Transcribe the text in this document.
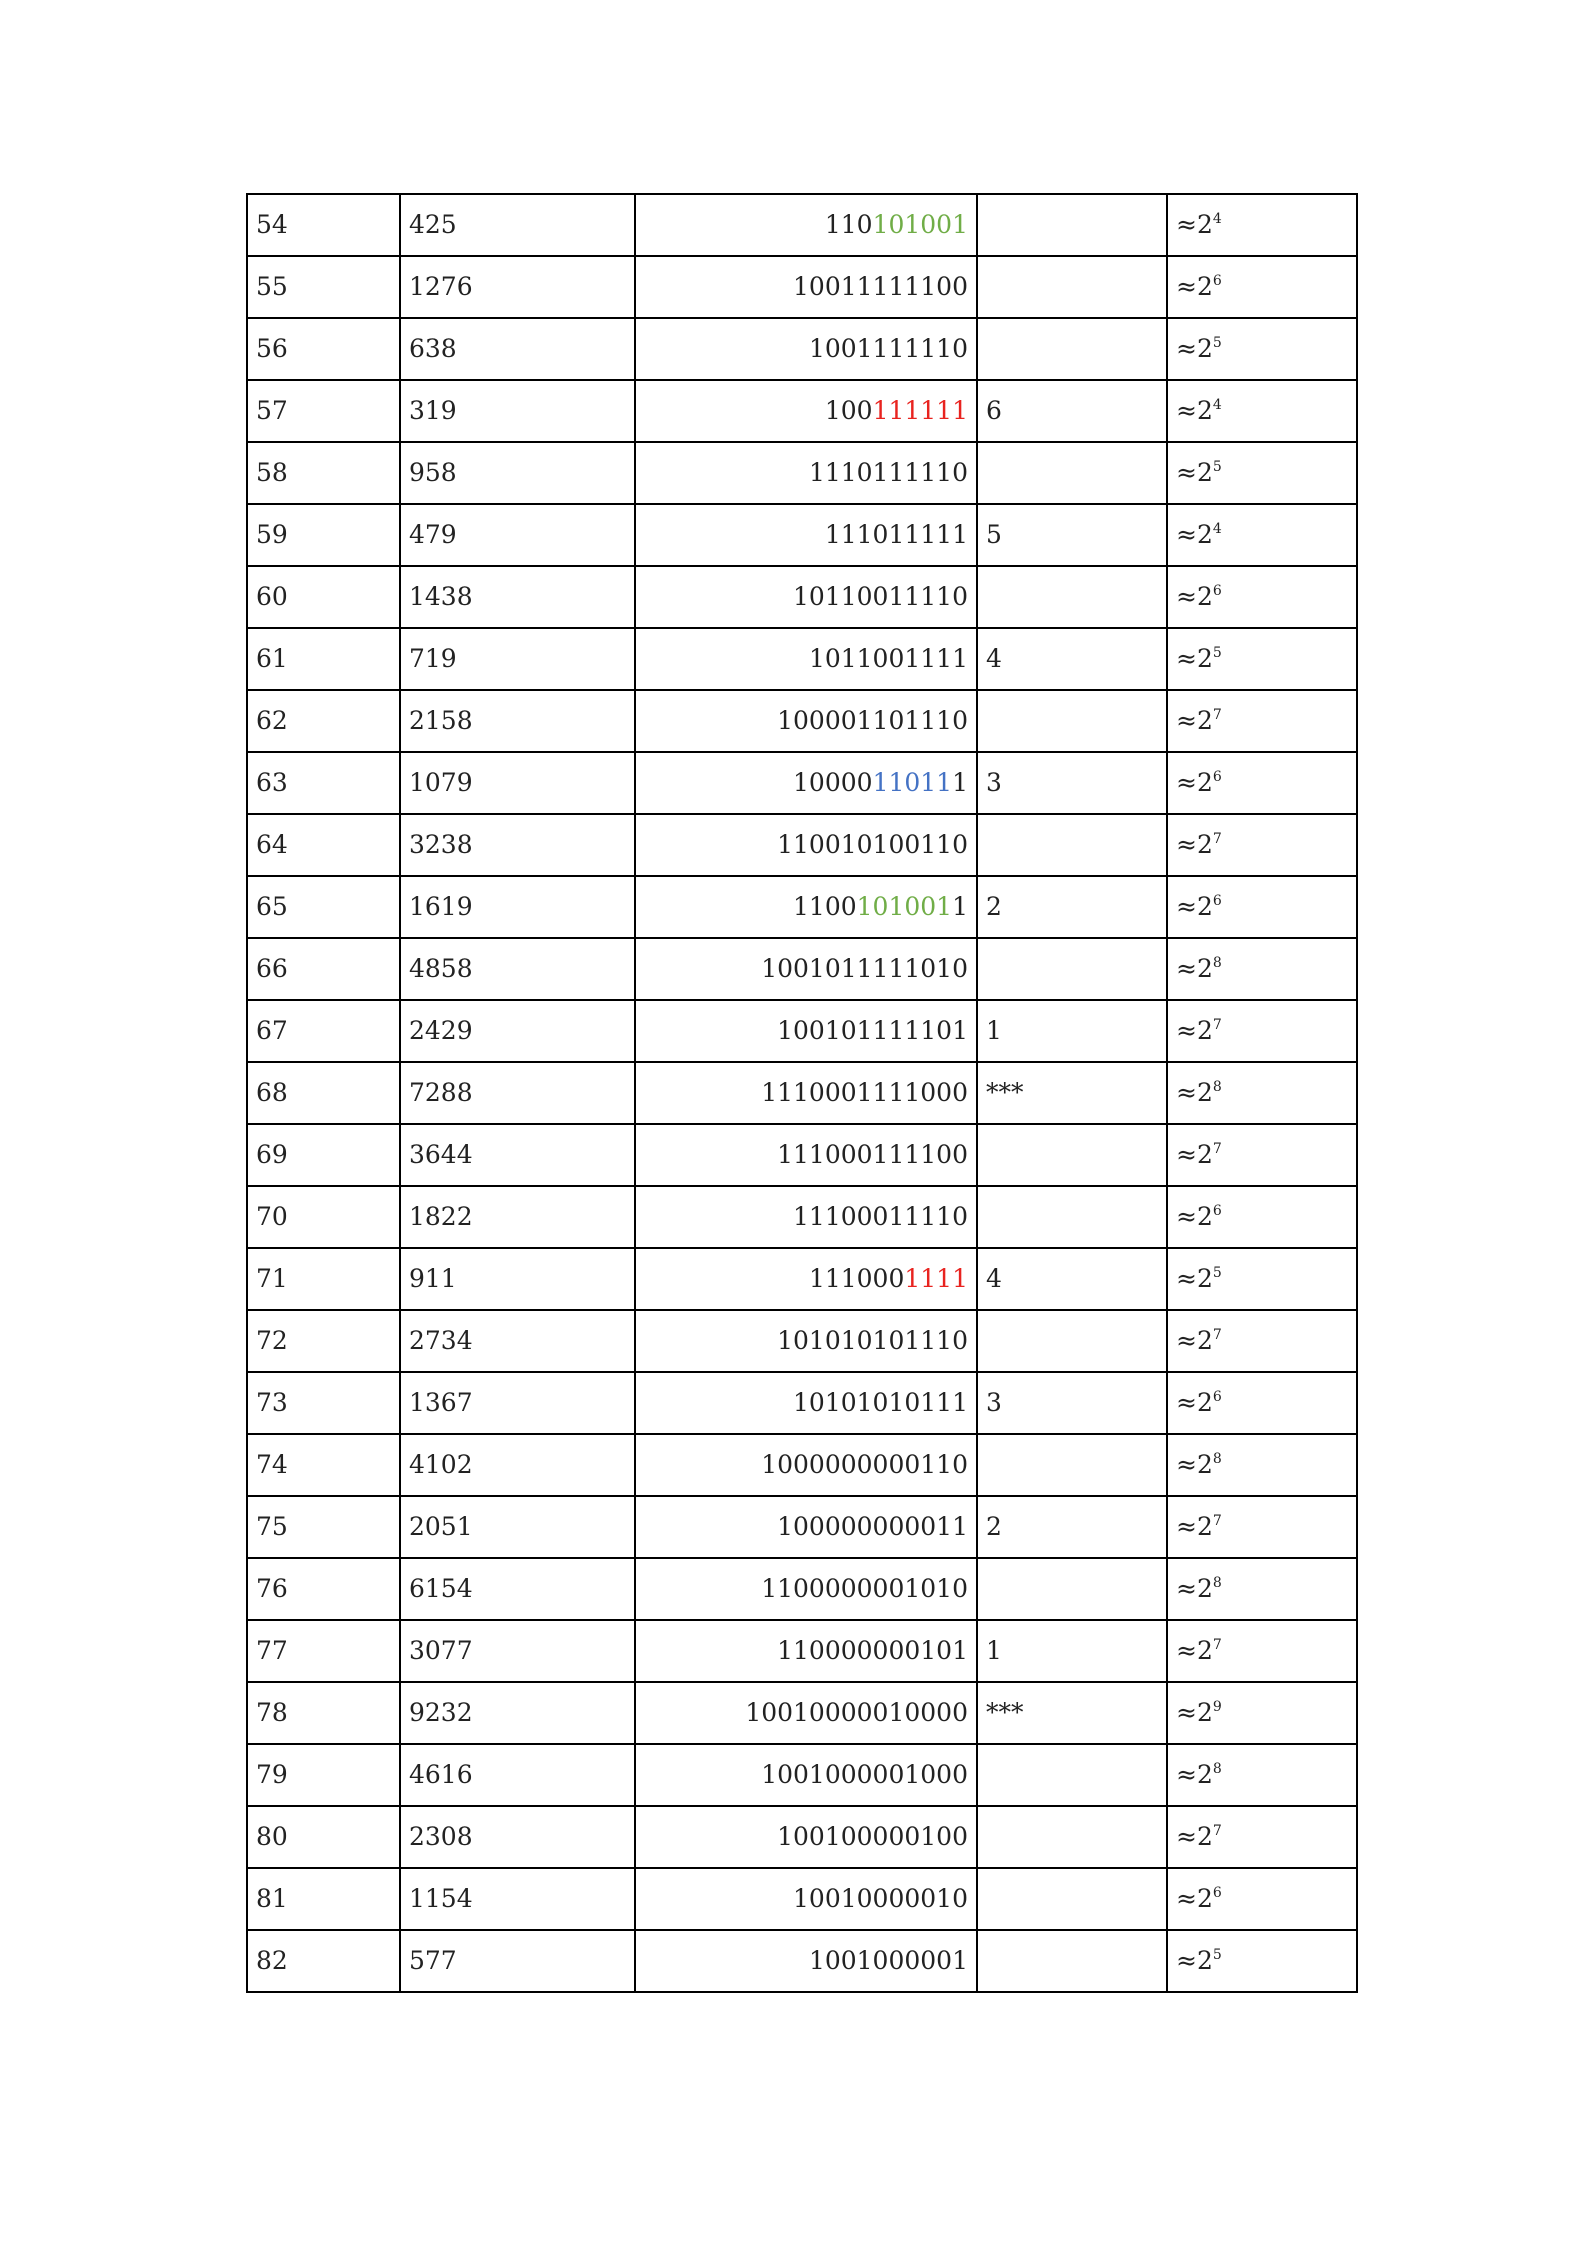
54	425	110101001		$\approx 2^4$
55	1276	10011111100		$\approx 2^6$
56	638	1001111110		$\approx 2^5$
57	319	100111111	6	$\approx 2^4$
58	958	1110111110		$\approx 2^5$
59	479	111011111	5	$\approx 2^4$
60	1438	10110011110		$\approx 2^6$
61	719	1011001111	4	$\approx 2^5$
62	2158	100001101110		$\approx 2^7$
63	1079	10000110111	3	$\approx 2^6$
64	3238	110010100110		$\approx 2^7$
65	1619	11001010011	2	$\approx 2^6$
66	4858	1001011111010		$\approx 2^8$
67	2429	100101111101	1	$\approx 2^7$
68	7288	1110001111000	***	$\approx 2^8$
69	3644	111000111100		$\approx 2^7$
70	1822	11100011110		$\approx 2^6$
71	911	1110001111	4	$\approx 2^5$
72	2734	101010101110		$\approx 2^7$
73	1367	10101010111	3	$\approx 2^6$
74	4102	1000000000110		$\approx 2^8$
75	2051	100000000011	2	$\approx 2^7$
76	6154	1100000001010		$\approx 2^8$
77	3077	110000000101	1	$\approx 2^7$
78	9232	10010000010000	***	$\approx 2^9$
79	4616	1001000001000		$\approx 2^8$
80	2308	100100000100		$\approx 2^7$
81	1154	10010000010		$\approx 2^6$
82	577	1001000001		$\approx 2^5$
